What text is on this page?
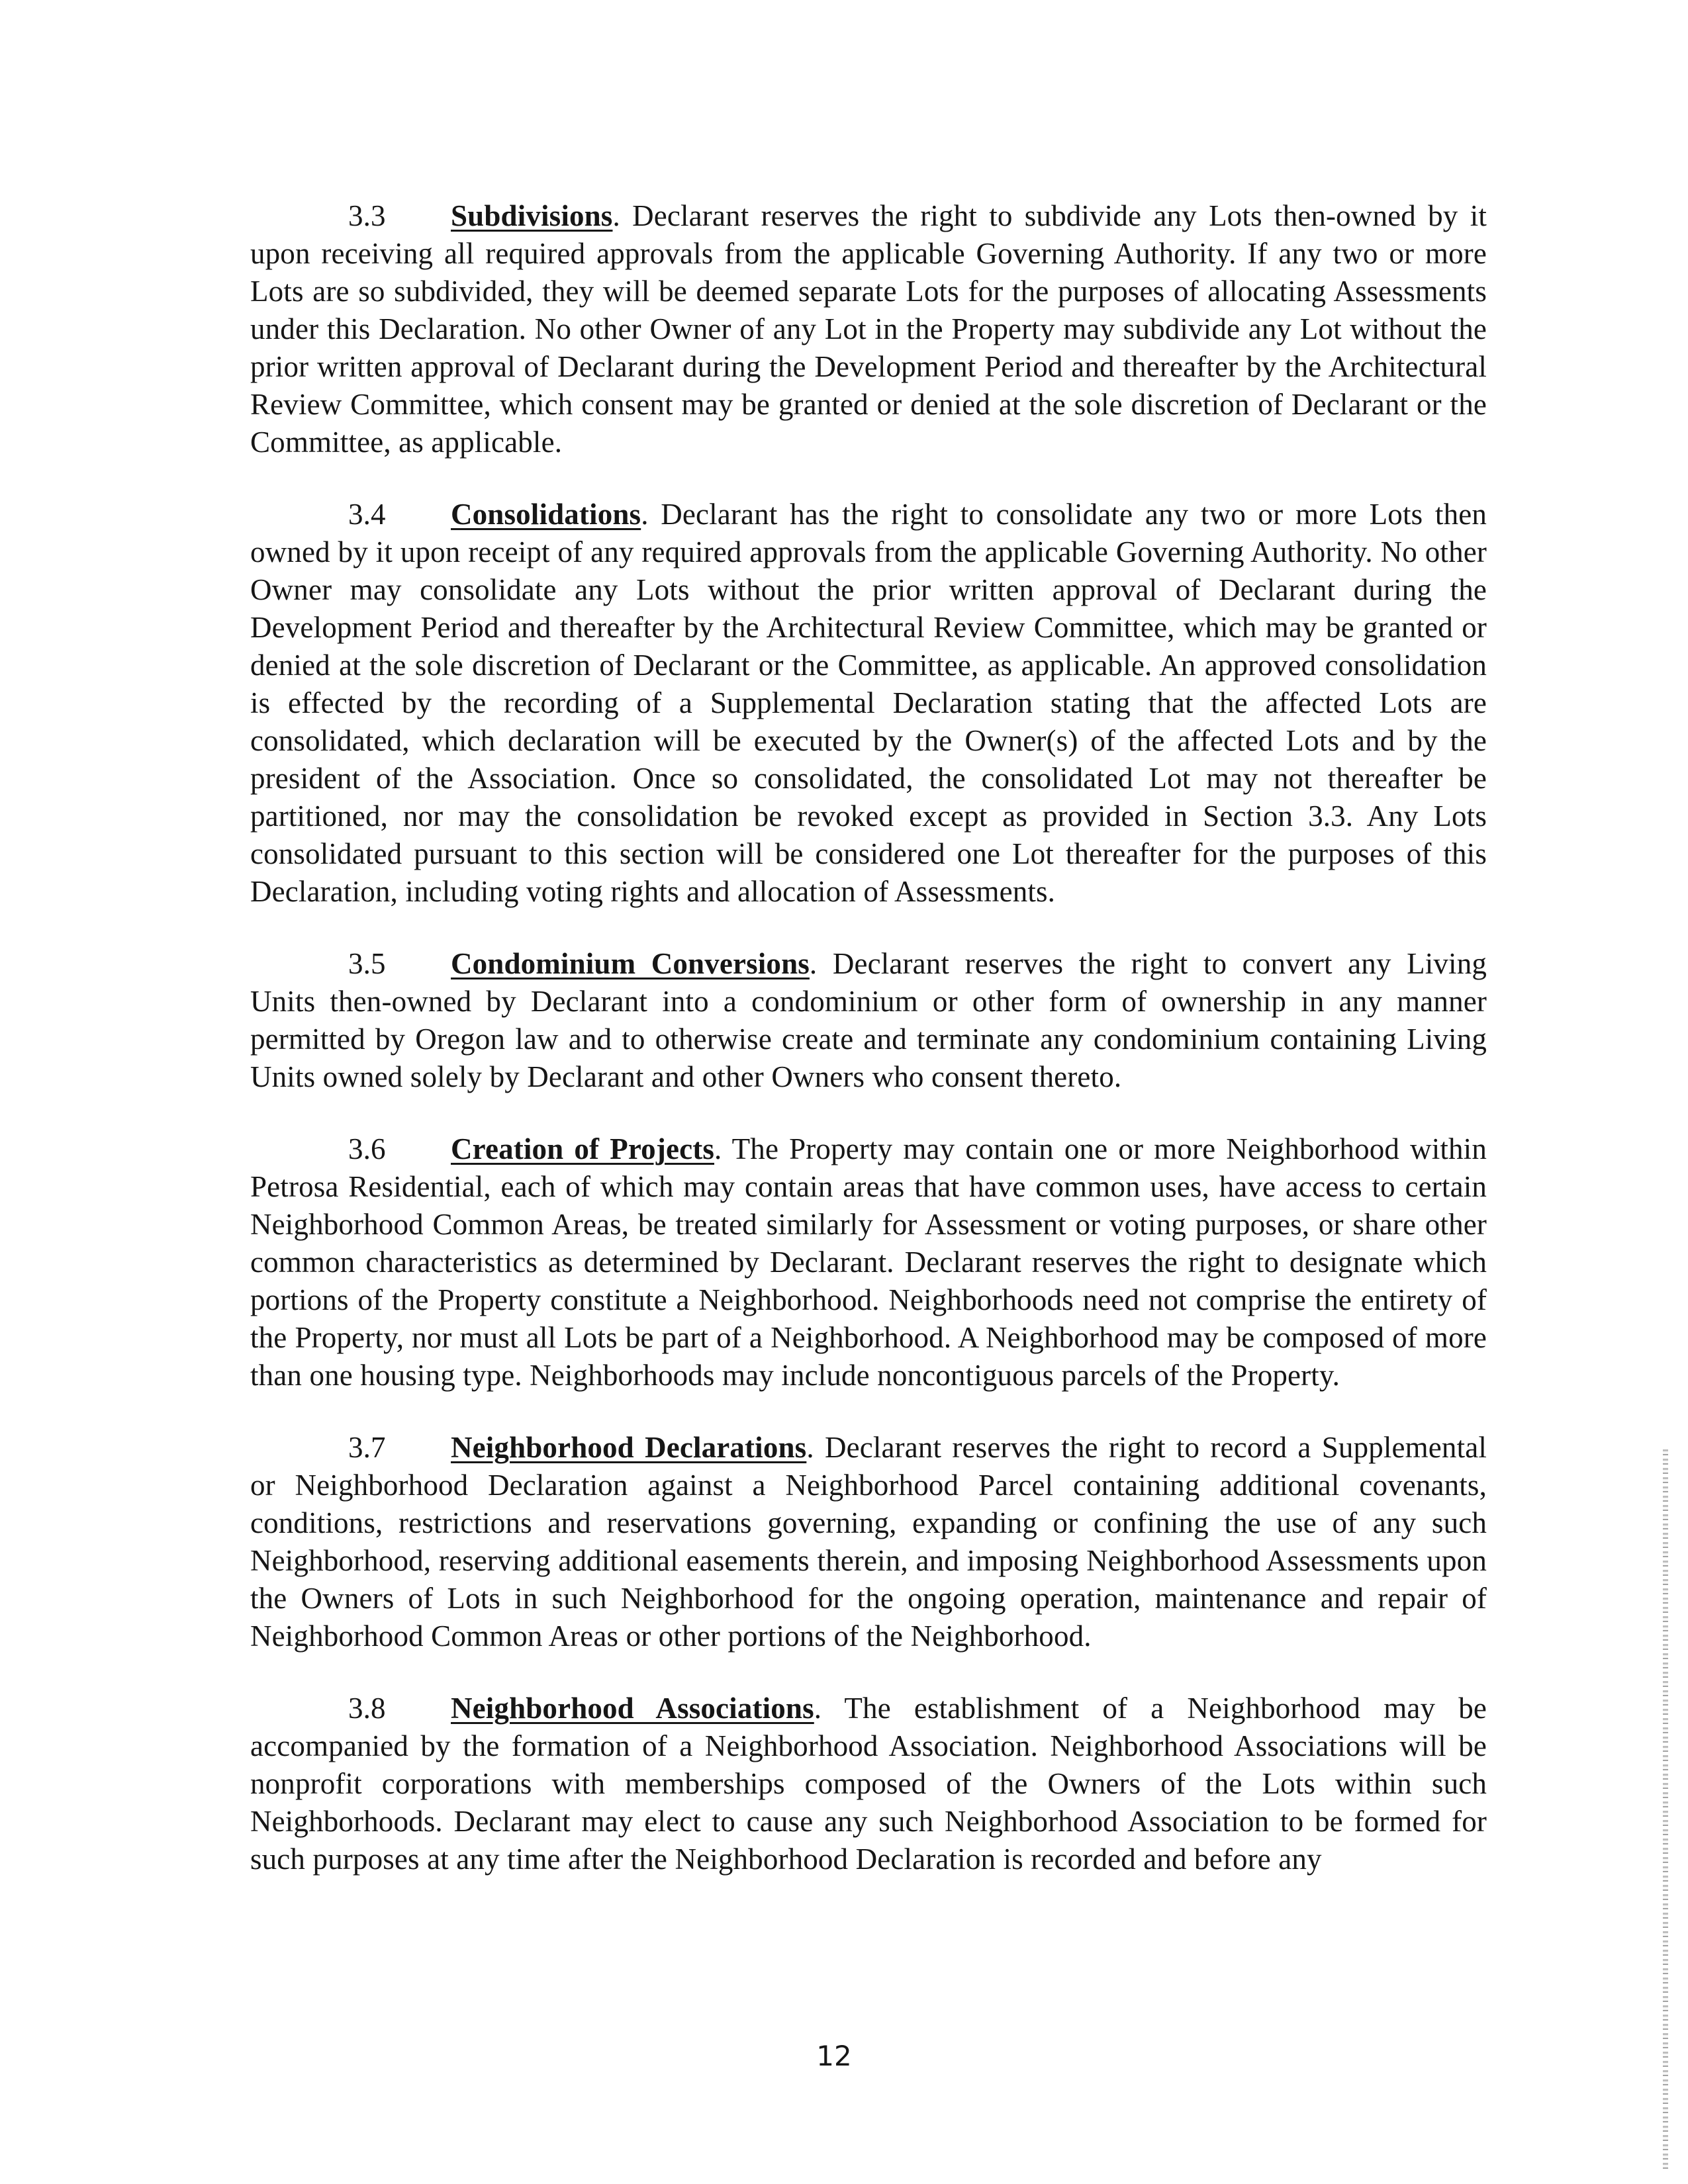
3.3 Subdivisions. Declarant reserves the right to subdivide any Lots then-owned by it upon receiving all required approvals from the applicable Governing Authority. If any two or more Lots are so subdivided, they will be deemed separate Lots for the purposes of allocating Assessments under this Declaration. No other Owner of any Lot in the Property may subdivide any Lot without the prior written approval of Declarant during the Development Period and thereafter by the Architectural Review Committee, which consent may be granted or denied at the sole discretion of Declarant or the Committee, as applicable.

3.4 Consolidations. Declarant has the right to consolidate any two or more Lots then owned by it upon receipt of any required approvals from the applicable Governing Authority. No other Owner may consolidate any Lots without the prior written approval of Declarant during the Development Period and thereafter by the Architectural Review Committee, which may be granted or denied at the sole discretion of Declarant or the Committee, as applicable. An approved consolidation is effected by the recording of a Supplemental Declaration stating that the affected Lots are consolidated, which declaration will be executed by the Owner(s) of the affected Lots and by the president of the Association. Once so consolidated, the consolidated Lot may not thereafter be partitioned, nor may the consolidation be revoked except as provided in Section 3.3. Any Lots consolidated pursuant to this section will be considered one Lot thereafter for the purposes of this Declaration, including voting rights and allocation of Assessments.

3.5 Condominium Conversions. Declarant reserves the right to convert any Living Units then-owned by Declarant into a condominium or other form of ownership in any manner permitted by Oregon law and to otherwise create and terminate any condominium containing Living Units owned solely by Declarant and other Owners who consent thereto.

3.6 Creation of Projects. The Property may contain one or more Neighborhood within Petrosa Residential, each of which may contain areas that have common uses, have access to certain Neighborhood Common Areas, be treated similarly for Assessment or voting purposes, or share other common characteristics as determined by Declarant. Declarant reserves the right to designate which portions of the Property constitute a Neighborhood. Neighborhoods need not comprise the entirety of the Property, nor must all Lots be part of a Neighborhood. A Neighborhood may be composed of more than one housing type. Neighborhoods may include noncontiguous parcels of the Property.

3.7 Neighborhood Declarations. Declarant reserves the right to record a Supplemental or Neighborhood Declaration against a Neighborhood Parcel containing additional covenants, conditions, restrictions and reservations governing, expanding or confining the use of any such Neighborhood, reserving additional easements therein, and imposing Neighborhood Assessments upon the Owners of Lots in such Neighborhood for the ongoing operation, maintenance and repair of Neighborhood Common Areas or other portions of the Neighborhood.

3.8 Neighborhood Associations. The establishment of a Neighborhood may be accompanied by the formation of a Neighborhood Association. Neighborhood Associations will be nonprofit corporations with memberships composed of the Owners of the Lots within such Neighborhoods. Declarant may elect to cause any such Neighborhood Association to be formed for such purposes at any time after the Neighborhood Declaration is recorded and before any

12
